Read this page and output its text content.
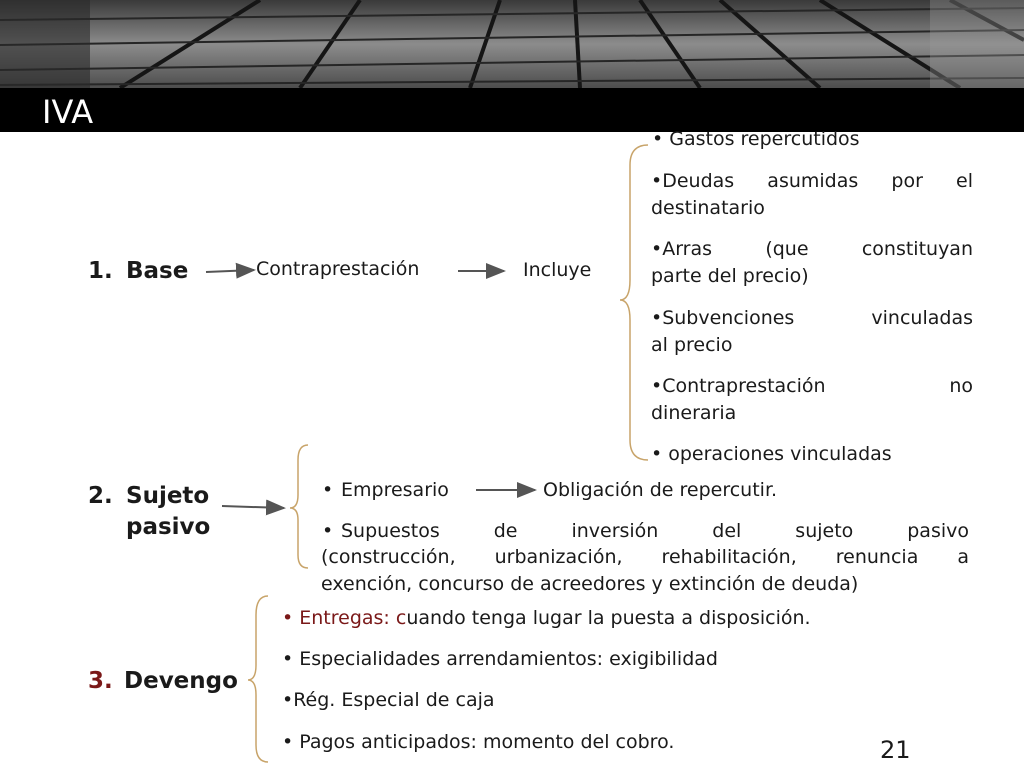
IVA
1. Base	Contraprestación	Incluye
• Gastos repercutidos
•Deudas asumidas por el
destinatario
•Arras (que constituyan
parte del precio)
•Subvenciones vinculadas
al precio
•Contraprestación no
dineraria
• operaciones vinculadas
2. Sujeto
pasivo
• Empresario	Obligación de repercutir.
• Supuestos de inversión del sujeto pasivo
(construcción, urbanización, rehabilitación, renuncia a
exención, concurso de acreedores y extinción de deuda)
3. Devengo
• Entregas: cuando tenga lugar la puesta a disposición.
• Especialidades arrendamientos: exigibilidad
•Rég. Especial de caja
• Pagos anticipados: momento del cobro.	21
